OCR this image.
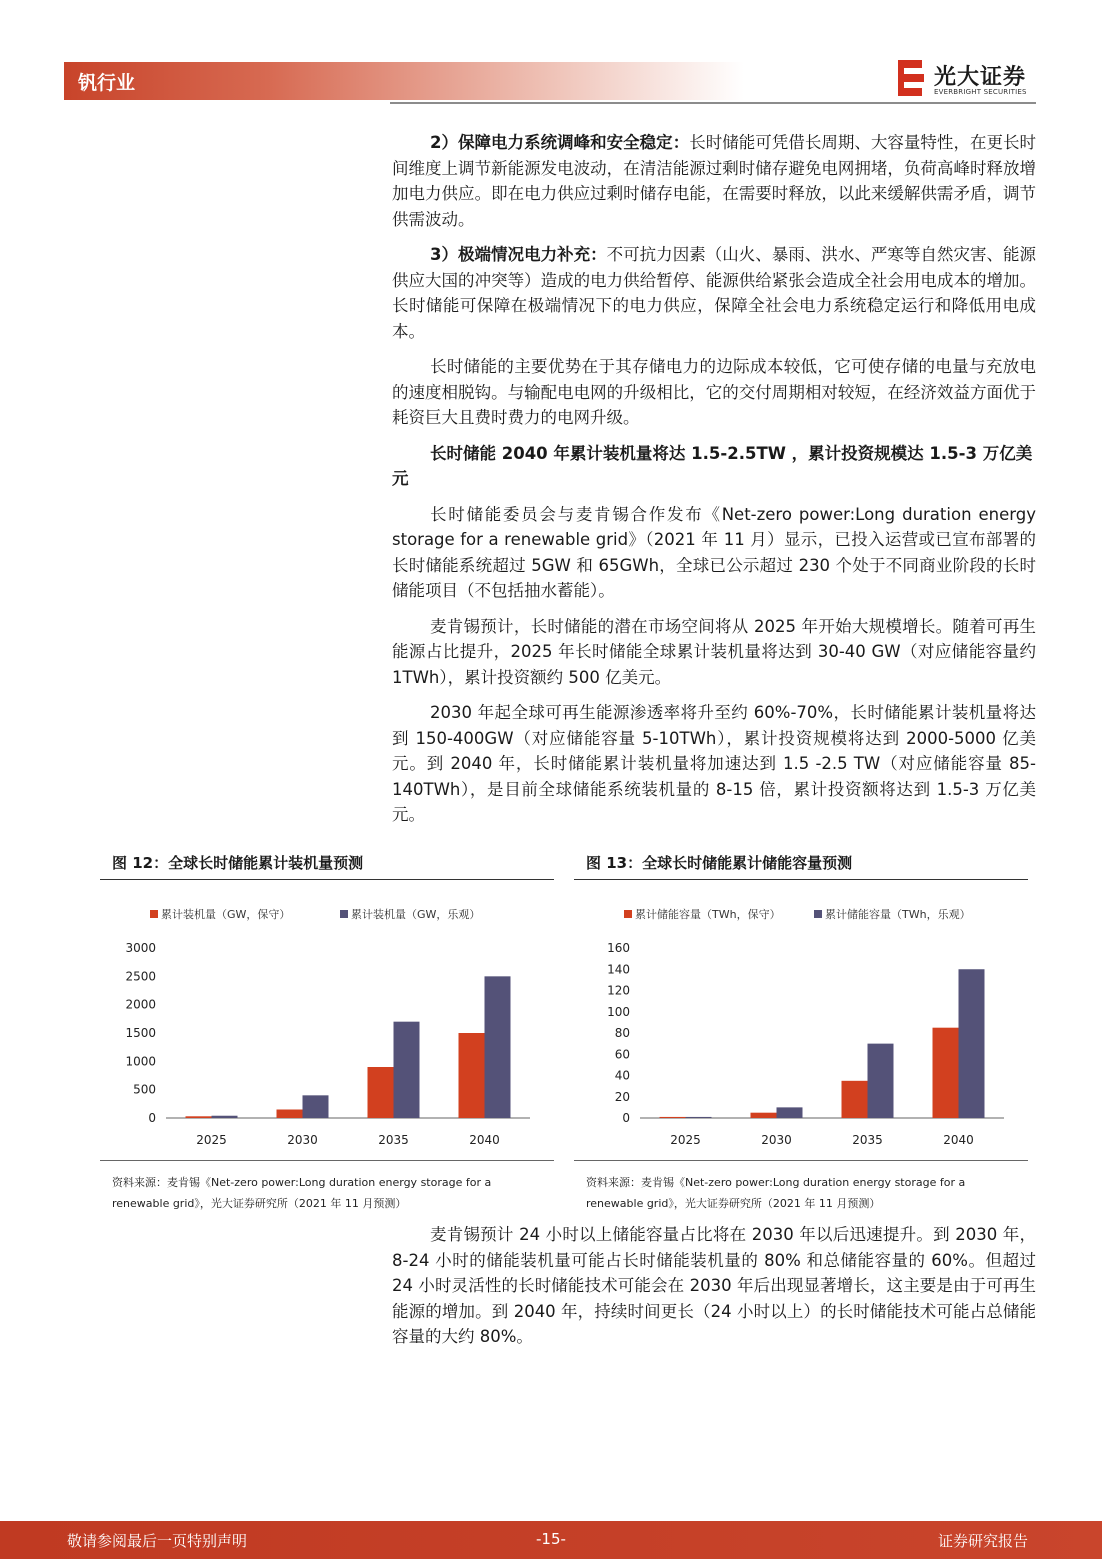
钒行业	光大证券
EVERBRIGHT SECURITIES

2）保障电力系统调峰和安全稳定：长时储能可凭借长周期、大容量特性，在更长时间维度上调节新能源发电波动，在清洁能源过剩时储存避免电网拥堵，负荷高峰时释放增加电力供应。即在电力供应过剩时储存电能，在需要时释放，以此来缓解供需矛盾，调节供需波动。

3）极端情况电力补充：不可抗力因素（山火、暴雨、洪水、严寒等自然灾害、能源供应大国的冲突等）造成的电力供给暂停、能源供给紧张会造成全社会用电成本的增加。长时储能可保障在极端情况下的电力供应，保障全社会电力系统稳定运行和降低用电成本。

长时储能的主要优势在于其存储电力的边际成本较低，它可使存储的电量与充放电的速度相脱钩。与输配电电网的升级相比，它的交付周期相对较短，在经济效益方面优于耗资巨大且费时费力的电网升级。

长时储能 2040 年累计装机量将达 1.5-2.5TW ，累计投资规模达 1.5-3 万亿美元

长时储能委员会与麦肯锡合作发布《Net-zero power:Long duration energy storage for a renewable grid》（2021 年 11 月）显示，已投入运营或已宣布部署的长时储能系统超过 5GW 和 65GWh，全球已公示超过 230 个处于不同商业阶段的长时储能项目（不包括抽水蓄能）。

麦肯锡预计，长时储能的潜在市场空间将从 2025 年开始大规模增长。随着可再生能源占比提升，2025 年长时储能全球累计装机量将达到 30-40 GW（对应储能容量约 1TWh），累计投资额约 500 亿美元。

2030 年起全球可再生能源渗透率将升至约 60%-70%，长时储能累计装机量将达到 150-400GW（对应储能容量 5-10TWh），累计投资规模将达到 2000-5000 亿美元。到 2040 年，长时储能累计装机量将加速达到 1.5 -2.5 TW（对应储能容量 85-140TWh），是目前全球储能系统装机量的 8-15 倍，累计投资额将达到 1.5-3 万亿美元。

图 12：全球长时储能累计装机量预测
累计装机量（GW，保守）	累计装机量（GW，乐观）
0
500
1000
1500
2000
2500
3000
2025	2030	2035	2040
资料来源：麦肯锡《Net-zero power:Long duration energy storage for a renewable grid》，光大证券研究所（2021 年 11 月预测）
图 13：全球长时储能累计储能容量预测
累计储能容量（TWh，保守）	累计储能容量（TWh，乐观）
0
20
40
60
80
100
120
140
160
2025	2030	2035	2040
资料来源：麦肯锡《Net-zero power:Long duration energy storage for a renewable grid》，光大证券研究所（2021 年 11 月预测）

麦肯锡预计 24 小时以上储能容量占比将在 2030 年以后迅速提升。到 2030 年，8-24 小时的储能装机量可能占长时储能装机量的 80% 和总储能容量的 60%。但超过 24 小时灵活性的长时储能技术可能会在 2030 年后出现显著增长，这主要是由于可再生能源的增加。到 2040 年，持续时间更长（24 小时以上）的长时储能技术可能占总储能容量的大约 80%。

敬请参阅最后一页特别声明	-15-	证券研究报告
